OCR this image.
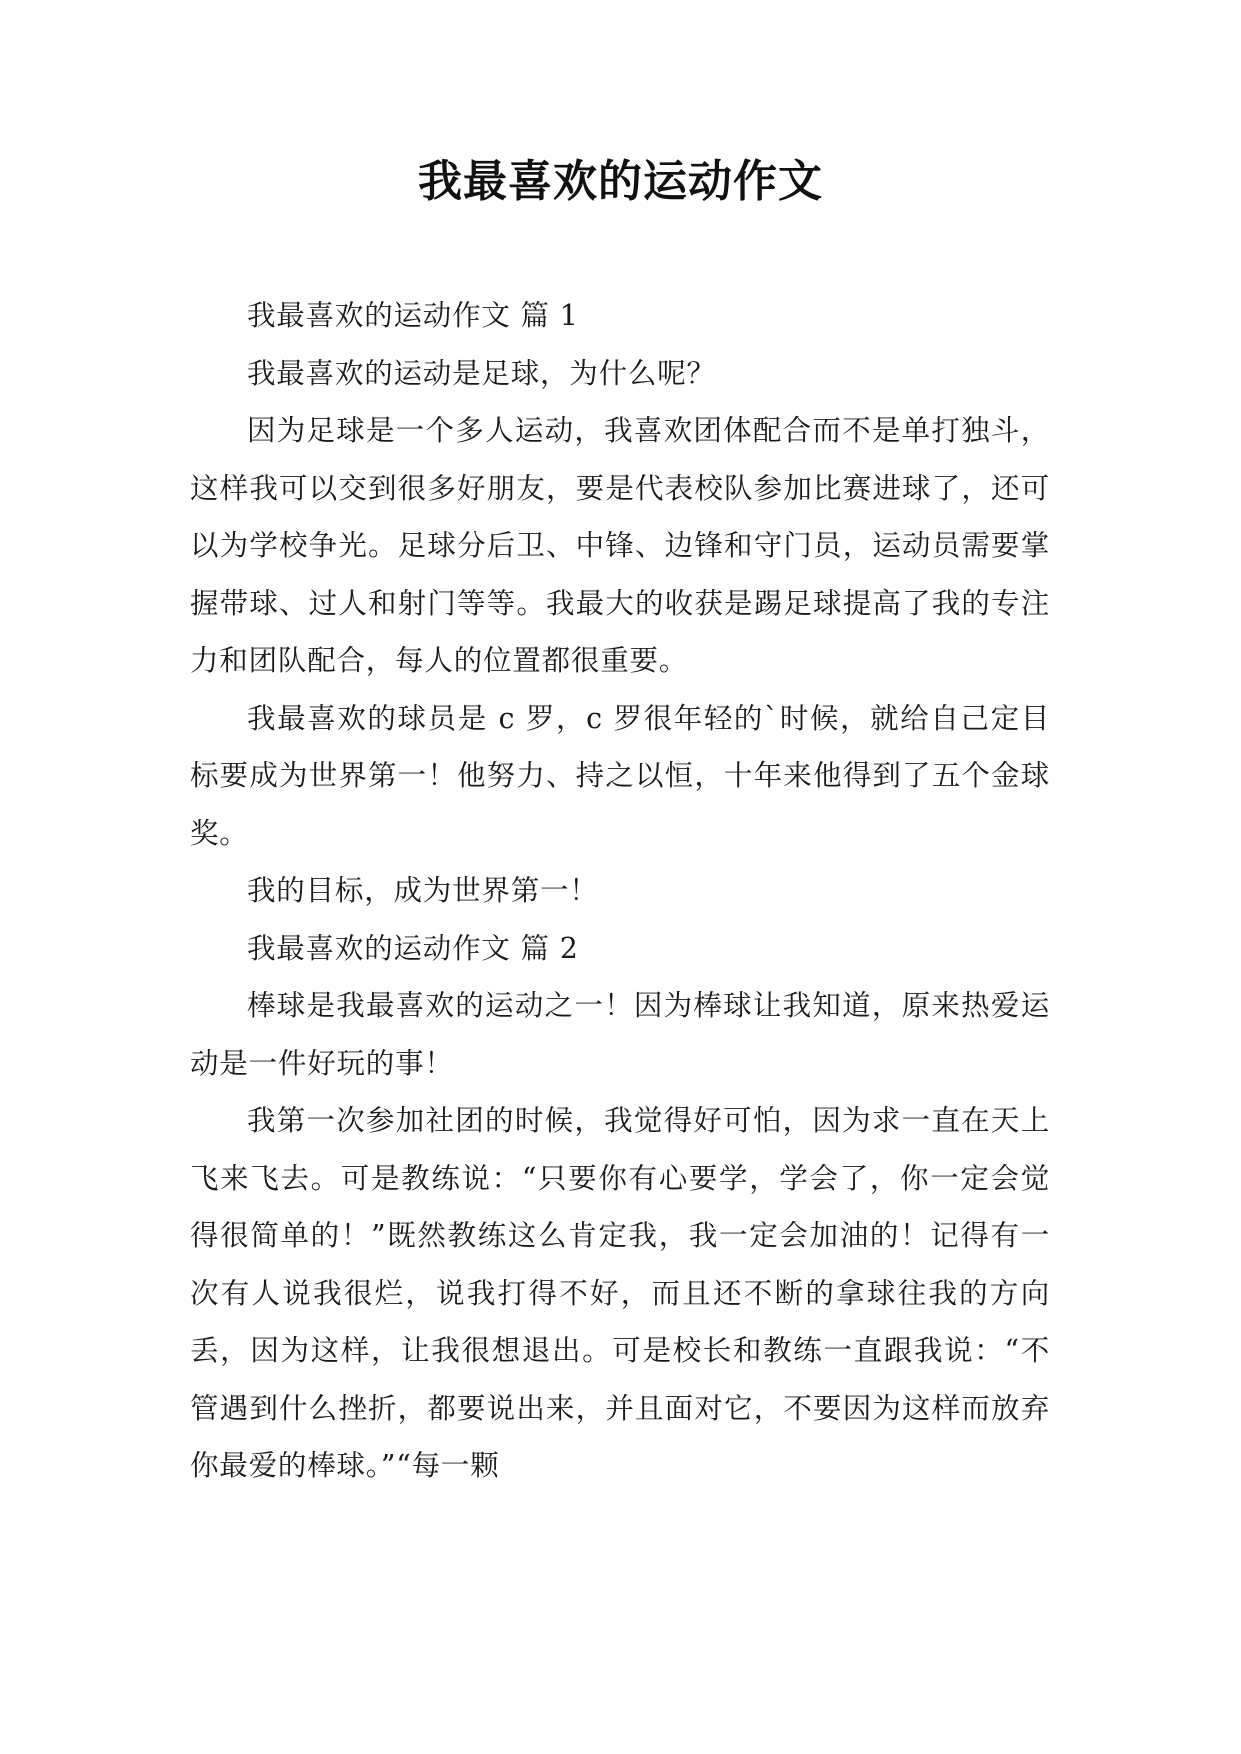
我最喜欢的运动作文

我最喜欢的运动作文 篇 1

我最喜欢的运动是足球，为什么呢？

因为足球是一个多人运动，我喜欢团体配合而不是单打独斗，这样我可以交到很多好朋友，要是代表校队参加比赛进球了，还可以为学校争光。足球分后卫、中锋、边锋和守门员，运动员需要掌握带球、过人和射门等等。我最大的收获是踢足球提高了我的专注力和团队配合，每人的位置都很重要。

我最喜欢的球员是 c 罗，c 罗很年轻的`时候，就给自己定目标要成为世界第一！他努力、持之以恒，十年来他得到了五个金球奖。

我的目标，成为世界第一！

我最喜欢的运动作文 篇 2

棒球是我最喜欢的运动之一！因为棒球让我知道，原来热爱运动是一件好玩的事！

我第一次参加社团的时候，我觉得好可怕，因为求一直在天上飞来飞去。可是教练说：“只要你有心要学，学会了，你一定会觉得很简单的！”既然教练这么肯定我，我一定会加油的！记得有一次有人说我很烂，说我打得不好，而且还不断的拿球往我的方向丢，因为这样，让我很想退出。可是校长和教练一直跟我说：“不管遇到什么挫折，都要说出来，并且面对它，不要因为这样而放弃你最爱的棒球。”“每一颗
